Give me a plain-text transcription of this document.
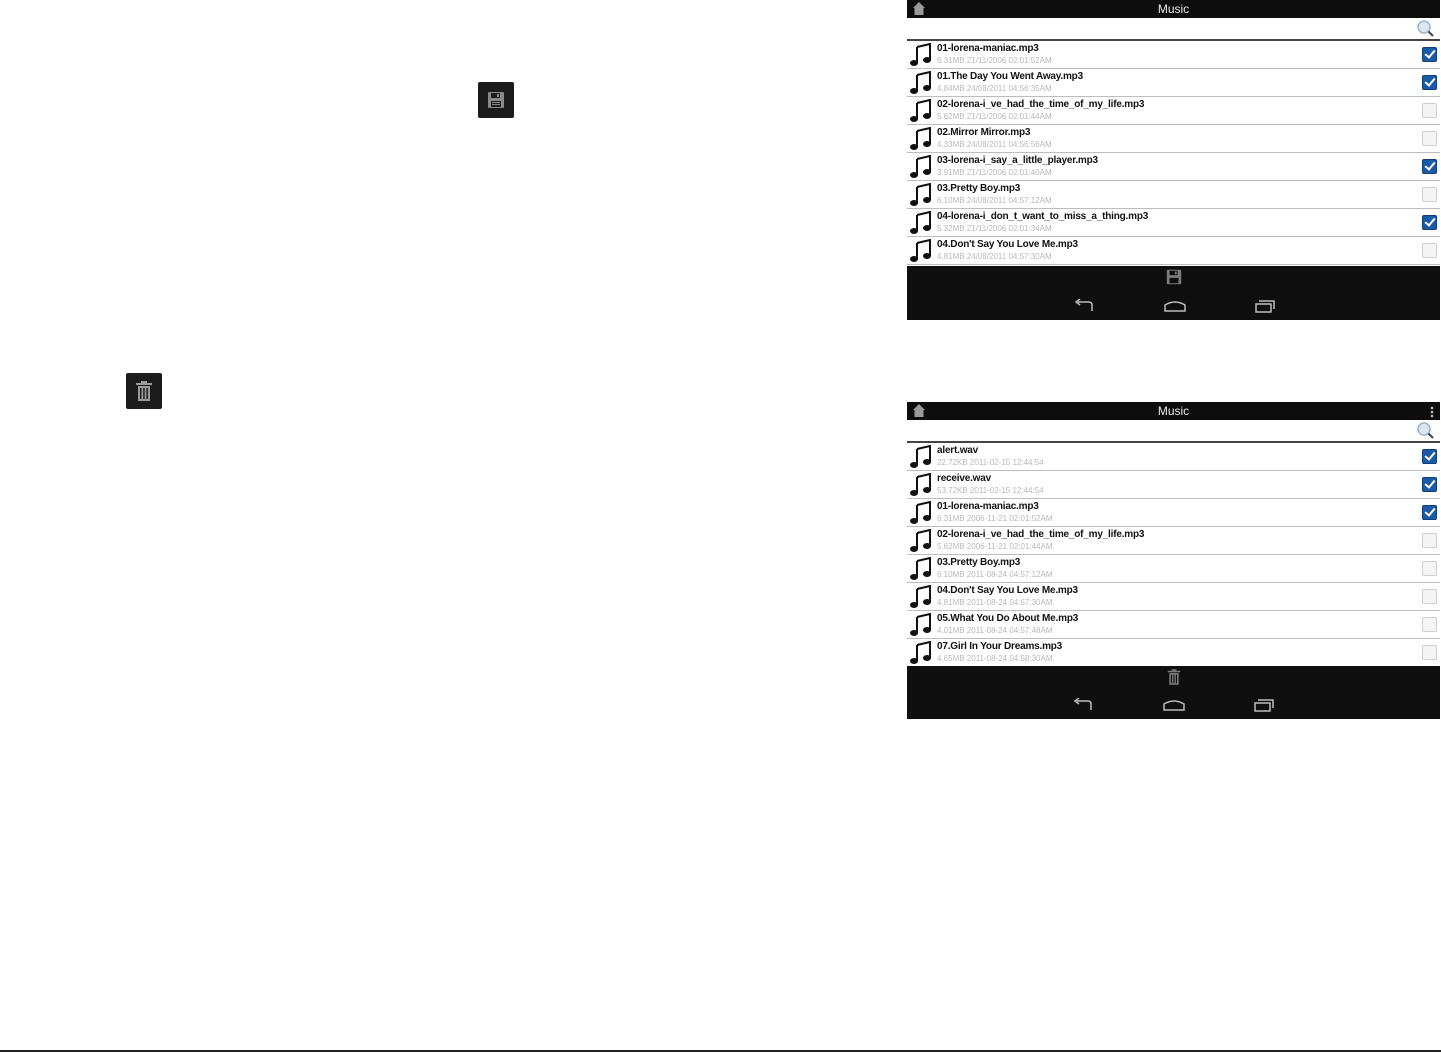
Music
01-lorena-maniac.mp3
6.31MB 21/11/2006 02:01:52AM
01.The Day You Went Away.mp3
4.84MB 24/08/2011 04:56:35AM
02-lorena-i_ve_had_the_time_of_my_life.mp3
5.62MB 21/11/2006 02:01:44AM
02.Mirror Mirror.mp3
4.33MB 24/08/2011 04:56:56AM
03-lorena-i_say_a_little_player.mp3
3.91MB 21/11/2006 02:01:40AM
03.Pretty Boy.mp3
6.10MB 24/08/2011 04:57:12AM
04-lorena-i_don_t_want_to_miss_a_thing.mp3
5.32MB 21/11/2006 02:01:34AM
04.Don't Say You Love Me.mp3
4.81MB 24/08/2011 04:57:30AM
Music
alert.wav
22.72KB 2011-02-15 12:44:54
receive.wav
53.72KB 2011-02-15 12:44:54
01-lorena-maniac.mp3
6.31MB 2006-11-21 02:01:52AM
02-lorena-i_ve_had_the_time_of_my_life.mp3
5.62MB 2006-11-21 02:01:44AM
03.Pretty Boy.mp3
6.10MB 2011-08-24 04:57:12AM
04.Don't Say You Love Me.mp3
4.81MB 2011-08-24 04:57:30AM
05.What You Do About Me.mp3
4.01MB 2011-08-24 04:57:48AM
07.Girl In Your Dreams.mp3
4.65MB 2011-08-24 04:58:30AM
